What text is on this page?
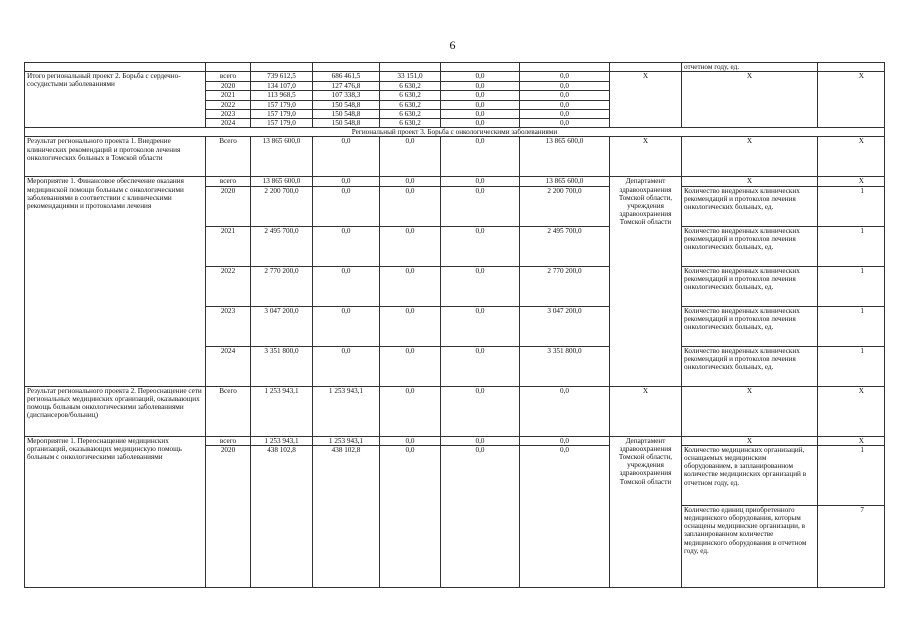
6
								отчетном году, ед.	
Итого региональный проект 2. Борьба с сердечно-сосудистыми заболеваниями	всего	739 612,5	686 461,5	33 151,0	0,0	0,0	X	X	X
	2020	134 107,0	127 476,8	6 630,2	0,0	0,0			
	2021	113 968,5	107 338,3	6 630,2	0,0	0,0			
	2022	157 179,0	150 548,8	6 630,2	0,0	0,0			
	2023	157 179,0	150 548,8	6 630,2	0,0	0,0			
	2024	157 179,0	150 548,8	6 630,2	0,0	0,0			
Региональный проект 3. Борьба с онкологическими заболеваниями									
Результат регионального проекта 1. Внедрение клинических рекомендаций и протоколов лечения онкологических больных в Томской области	Всего	13 865 600,0	0,0	0,0	0,0	13 865 600,0	X	X	X
Мероприятие 1. Финансовое обеспечение оказания медицинской помощи больным с онкологическими заболеваниями в соответствии с клиническими рекомендациями и протоколами лечения	всего	13 865 600,0	0,0	0,0	0,0	13 865 600,0	Департамент здравоохранения Томской области, учреждения здравоохранения Томской области	X	X
	2020	2 200 700,0	0,0	0,0	0,0	2 200 700,0		Количество внедренных клинических рекомендаций и протоколов лечения онкологических больных, ед.	1
	2021	2 495 700,0	0,0	0,0	0,0	2 495 700,0		Количество внедренных клинических рекомендаций и протоколов лечения онкологических больных, ед.	1
	2022	2 770 200,0	0,0	0,0	0,0	2 770 200,0		Количество внедренных клинических рекомендаций и протоколов лечения онкологических больных, ед.	1
	2023	3 047 200,0	0,0	0,0	0,0	3 047 200,0		Количество внедренных клинических рекомендаций и протоколов лечения онкологических больных, ед.	1
	2024	3 351 800,0	0,0	0,0	0,0	3 351 800,0		Количество внедренных клинических рекомендаций и протоколов лечения онкологических больных, ед.	1
Результат регионального проекта 2. Переоснащение сети региональных медицинских организаций, оказывающих помощь больным онкологическими заболеваниями (диспансеров/больниц)	Всего	1 253 943,1	1 253 943,1	0,0	0,0	0,0	X	X	X
Мероприятие 1. Переоснащение медицинских организаций, оказывающих медицинскую помощь больным с онкологическими заболеваниями	всего	1 253 943,1	1 253 943,1	0,0	0,0	0,0	Департамент здравоохранения Томской области, учреждения здравоохранения Томской области	X	X
	2020	438 102,8	438 102,8	0,0	0,0	0,0		Количество медицинских организаций, оснащаемых медицинским оборудованием, в запланированном количестве медицинских организаций в отчетном году, ед.	1
								Количество единиц приобретенного медицинского оборудования, которым оснащены медицинские организации, в запланированном количестве медицинского оборудования в отчетном году, ед.	7
